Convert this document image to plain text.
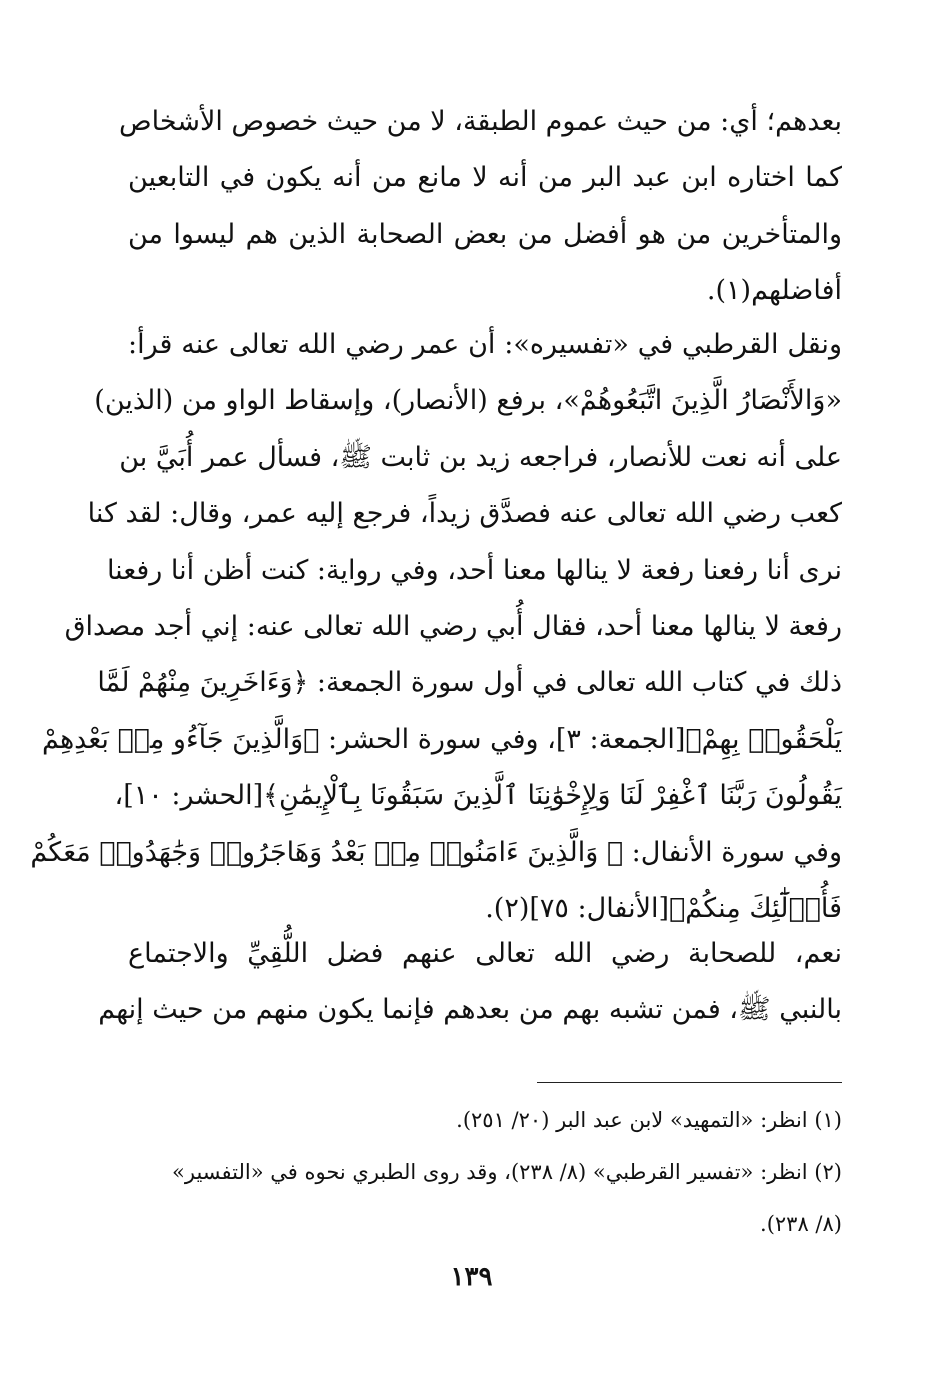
بعدهم؛ أي: من حيث عموم الطبقة، لا من حيث خصوص الأشخاص
كما اختاره ابن عبد البر من أنه لا مانع من أنه يكون في التابعين
والمتأخرين من هو أفضل من بعض الصحابة الذين هم ليسوا من
أفاضلهم(١).
ونقل القرطبي في «تفسيره»: أن عمر رضي الله تعالى عنه قرأ:
«وَالأَنْصَارُ الَّذِينَ اتَّبَعُوهُمْ»، برفع (الأنصار)، وإسقاط الواو من (الذين)
على أنه نعت للأنصار، فراجعه زيد بن ثابت ﷺ، فسأل عمر أُبَيَّ بن
كعب رضي الله تعالى عنه فصدَّق زيداً، فرجع إليه عمر، وقال: لقد كنا
نرى أنا رفعنا رفعة لا ينالها معنا أحد، وفي رواية: كنت أظن أنا رفعنا
رفعة لا ينالها معنا أحد، فقال أُبي رضي الله تعالى عنه: إني أجد مصداق
ذلك في كتاب الله تعالى في أول سورة الجمعة: ﴿وَءَاخَرِينَ مِنْهُمْ لَمَّا
يَلْحَقُوا۟ بِهِمْ﴾[الجمعة: ٣]، وفي سورة الحشر: ﴿وَالَّذِينَ جَآءُو مِنۢ بَعْدِهِمْ
يَقُولُونَ رَبَّنَا ٱغْفِرْ لَنَا وَلِإِخْوَٰنِنَا ٱلَّذِينَ سَبَقُونَا بِٱلْإِيمَٰنِ﴾[الحشر: ١٠]،
وفي سورة الأنفال: ﴿ وَالَّذِينَ ءَامَنُوا۟ مِنۢ بَعْدُ وَهَاجَرُوا۟ وَجَٰهَدُوا۟ مَعَكُمْ
فَأُو۟لَٰٓئِكَ مِنكُمْ﴾[الأنفال: ٧٥](٢).
نعم، للصحابة رضي الله تعالى عنهم فضل اللُّقِيِّ والاجتماع
بالنبي ﷺ، فمن تشبه بهم من بعدهم فإنما يكون منهم من حيث إنهم
(١) انظر: «التمهيد» لابن عبد البر (٢٠/ ٢٥١).
(٢) انظر: «تفسير القرطبي» (٨/ ٢٣٨)، وقد روى الطبري نحوه في «التفسير»
(٨/ ٢٣٨).
١٣٩
